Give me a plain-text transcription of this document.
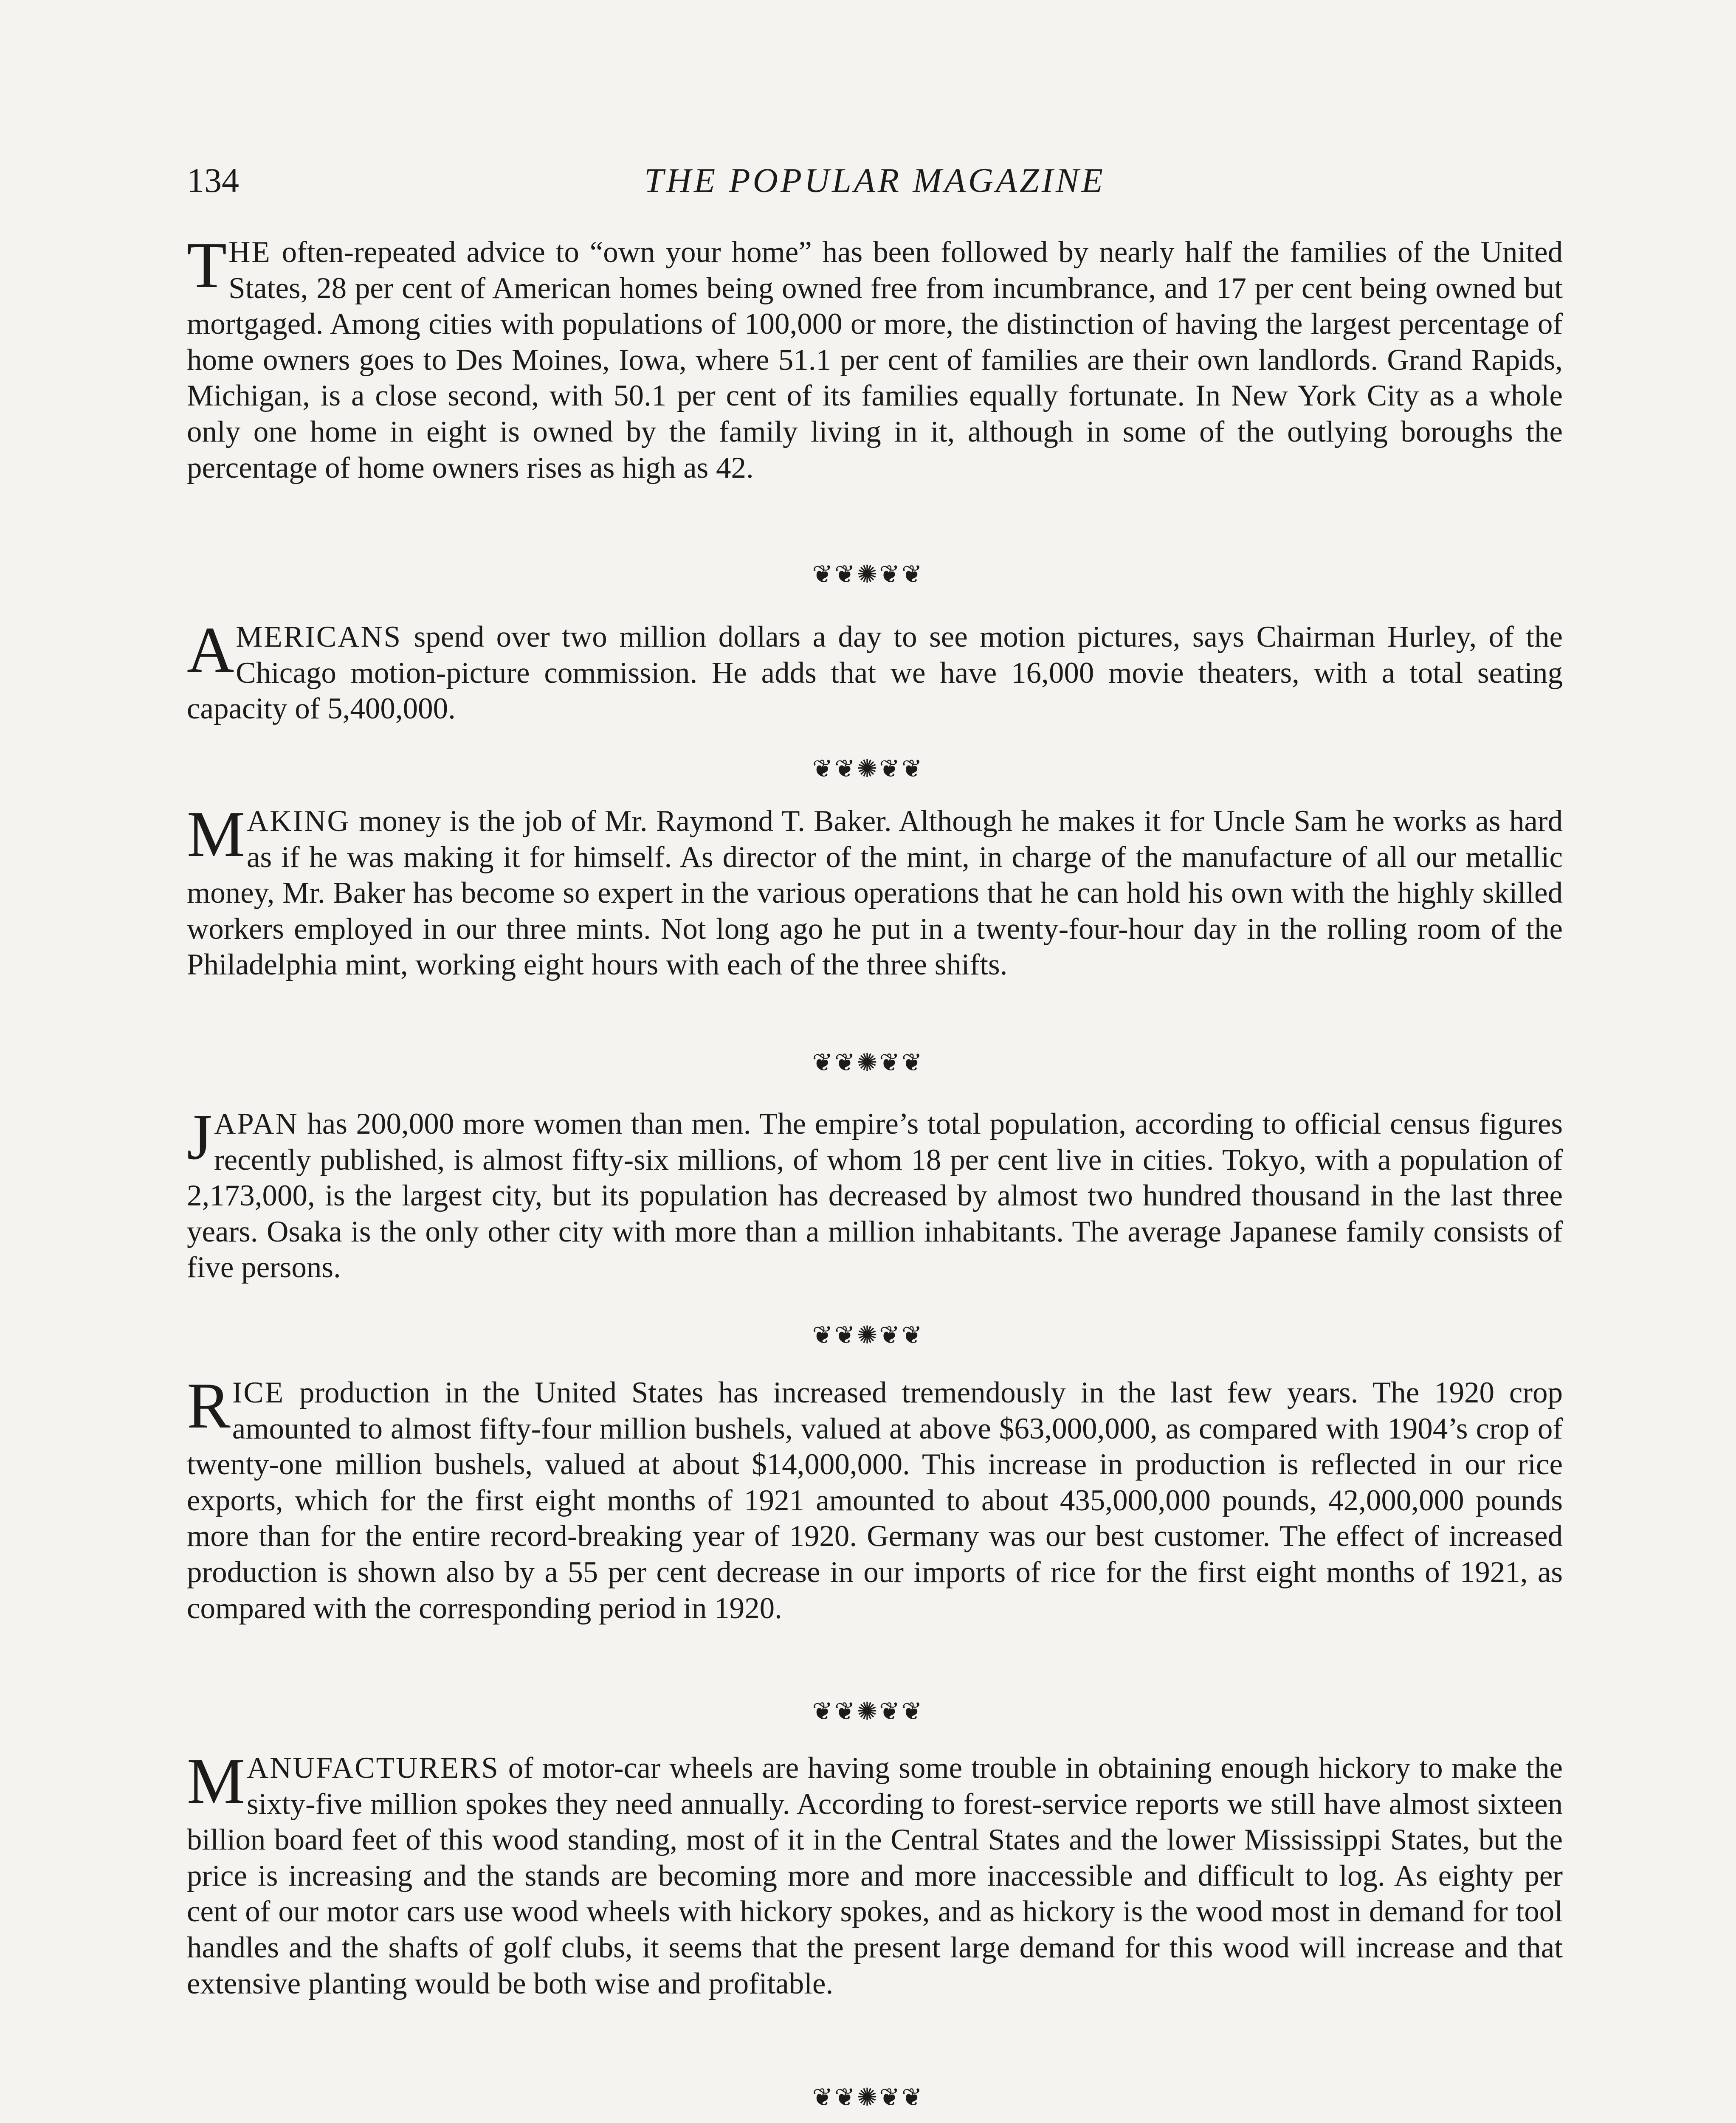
134	THE POPULAR MAGAZINE
THE often-repeated advice to “own your home” has been followed by nearly half the families of the United States, 28 per cent of American homes being owned free from incumbrance, and 17 per cent being owned but mortgaged. Among cities with populations of 100,000 or more, the distinction of having the largest percentage of home owners goes to Des Moines, Iowa, where 51.1 per cent of families are their own landlords. Grand Rapids, Michigan, is a close second, with 50.1 per cent of its families equally fortunate. In New York City as a whole only one home in eight is owned by the family living in it, although in some of the outlying boroughs the percentage of home owners rises as high as 42.
❦❦✺❦❦
AMERICANS spend over two million dollars a day to see motion pictures, says Chairman Hurley, of the Chicago motion-picture commission. He adds that we have 16,000 movie theaters, with a total seating capacity of 5,400,000.
❦❦✺❦❦
MAKING money is the job of Mr. Raymond T. Baker. Although he makes it for Uncle Sam he works as hard as if he was making it for himself. As director of the mint, in charge of the manufacture of all our metallic money, Mr. Baker has become so expert in the various operations that he can hold his own with the highly skilled workers employed in our three mints. Not long ago he put in a twenty-four-hour day in the rolling room of the Philadelphia mint, working eight hours with each of the three shifts.
❦❦✺❦❦
JAPAN has 200,000 more women than men. The empire’s total population, according to official census figures recently published, is almost fifty-six millions, of whom 18 per cent live in cities. Tokyo, with a population of 2,173,000, is the largest city, but its population has decreased by almost two hundred thousand in the last three years. Osaka is the only other city with more than a million inhabitants. The average Japanese family consists of five persons.
❦❦✺❦❦
RICE production in the United States has increased tremendously in the last few years. The 1920 crop amounted to almost fifty-four million bushels, valued at above $63,000,000, as compared with 1904’s crop of twenty-one million bushels, valued at about $14,000,000. This increase in production is reflected in our rice exports, which for the first eight months of 1921 amounted to about 435,000,000 pounds, 42,000,000 pounds more than for the entire record-breaking year of 1920. Germany was our best customer. The effect of increased production is shown also by a 55 per cent decrease in our imports of rice for the first eight months of 1921, as compared with the corresponding period in 1920.
❦❦✺❦❦
MANUFACTURERS of motor-car wheels are having some trouble in obtaining enough hickory to make the sixty-five million spokes they need annually. According to forest-service reports we still have almost sixteen billion board feet of this wood standing, most of it in the Central States and the lower Mississippi States, but the price is increasing and the stands are becoming more and more inaccessible and difficult to log. As eighty per cent of our motor cars use wood wheels with hickory spokes, and as hickory is the wood most in demand for tool handles and the shafts of golf clubs, it seems that the present large demand for this wood will increase and that extensive planting would be both wise and profitable.
❦❦✺❦❦
